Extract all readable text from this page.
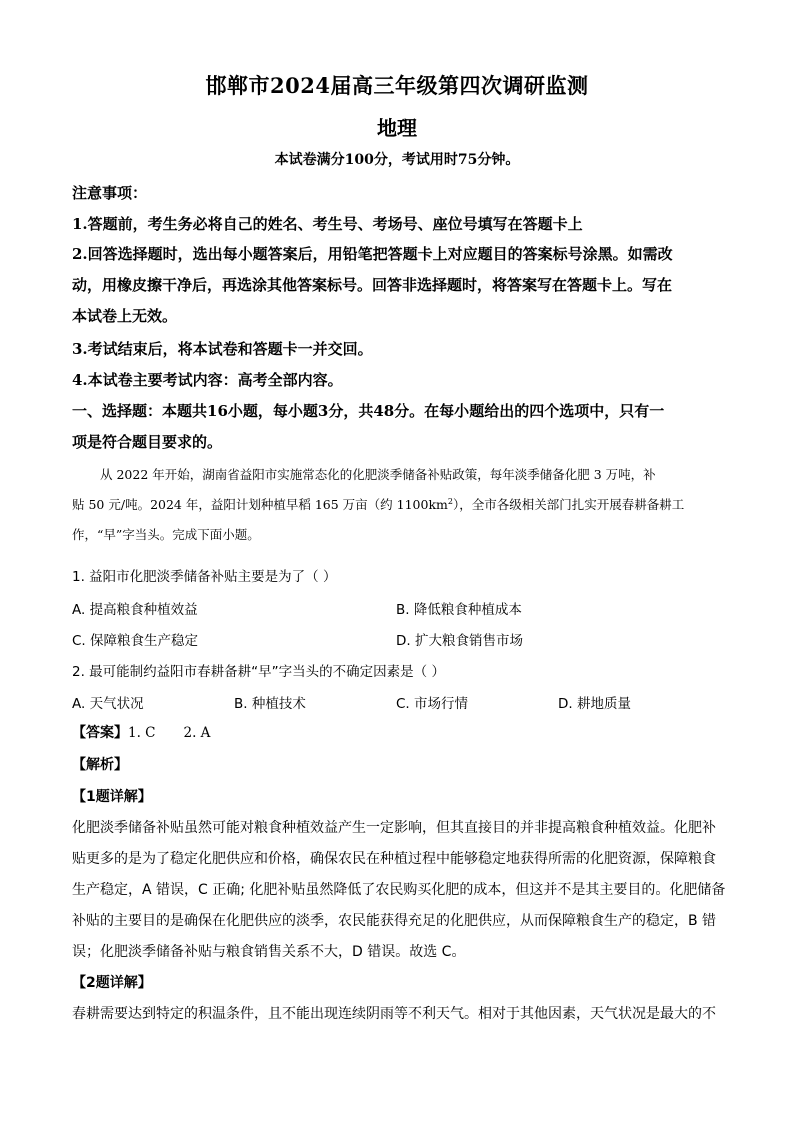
邯郸市2024届高三年级第四次调研监测
地理
本试卷满分100分，考试用时75分钟。
注意事项：
1.答题前，考生务必将自己的姓名、考生号、考场号、座位号填写在答题卡上
2.回答选择题时，选出每小题答案后，用铅笔把答题卡上对应题目的答案标号涂黑。如需改
动，用橡皮擦干净后，再选涂其他答案标号。回答非选择题时，将答案写在答题卡上。写在
本试卷上无效。
3.考试结束后，将本试卷和答题卡一并交回。
4.本试卷主要考试内容：高考全部内容。
一、选择题：本题共16小题，每小题3分，共48分。在每小题给出的四个选项中，只有一
项是符合题目要求的。
从 2022 年开始，湖南省益阳市实施常态化的化肥淡季储备补贴政策，每年淡季储备化肥 3 万吨，补
贴 50 元/吨。2024 年，益阳计划种植早稻 165 万亩（约 $1100km^2$），全市各级相关部门扎实开展春耕备耕工
作，“早”字当头。完成下面小题。
1. 益阳市化肥淡季储备补贴主要是为了（ ）
A. 提高粮食种植效益	B. 降低粮食种植成本
C. 保障粮食生产稳定	D. 扩大粮食销售市场
2. 最可能制约益阳市春耕备耕“早”字当头的不确定因素是（ ）
A. 天气状况	B. 种植技术	C. 市场行情	D. 耕地质量
【答案】1. C 2. A
【解析】
【1题详解】
化肥淡季储备补贴虽然可能对粮食种植效益产生一定影响，但其直接目的并非提高粮食种植效益。化肥补
贴更多的是为了稳定化肥供应和价格，确保农民在种植过程中能够稳定地获得所需的化肥资源，保障粮食
生产稳定，A 错误，C 正确; 化肥补贴虽然降低了农民购买化肥的成本，但这并不是其主要目的。化肥储备
补贴的主要目的是确保在化肥供应的淡季，农民能获得充足的化肥供应，从而保障粮食生产的稳定，B 错
误；化肥淡季储备补贴与粮食销售关系不大，D 错误。故选 C。
【2题详解】
春耕需要达到特定的积温条件，且不能出现连续阴雨等不利天气。相对于其他因素，天气状况是最大的不
